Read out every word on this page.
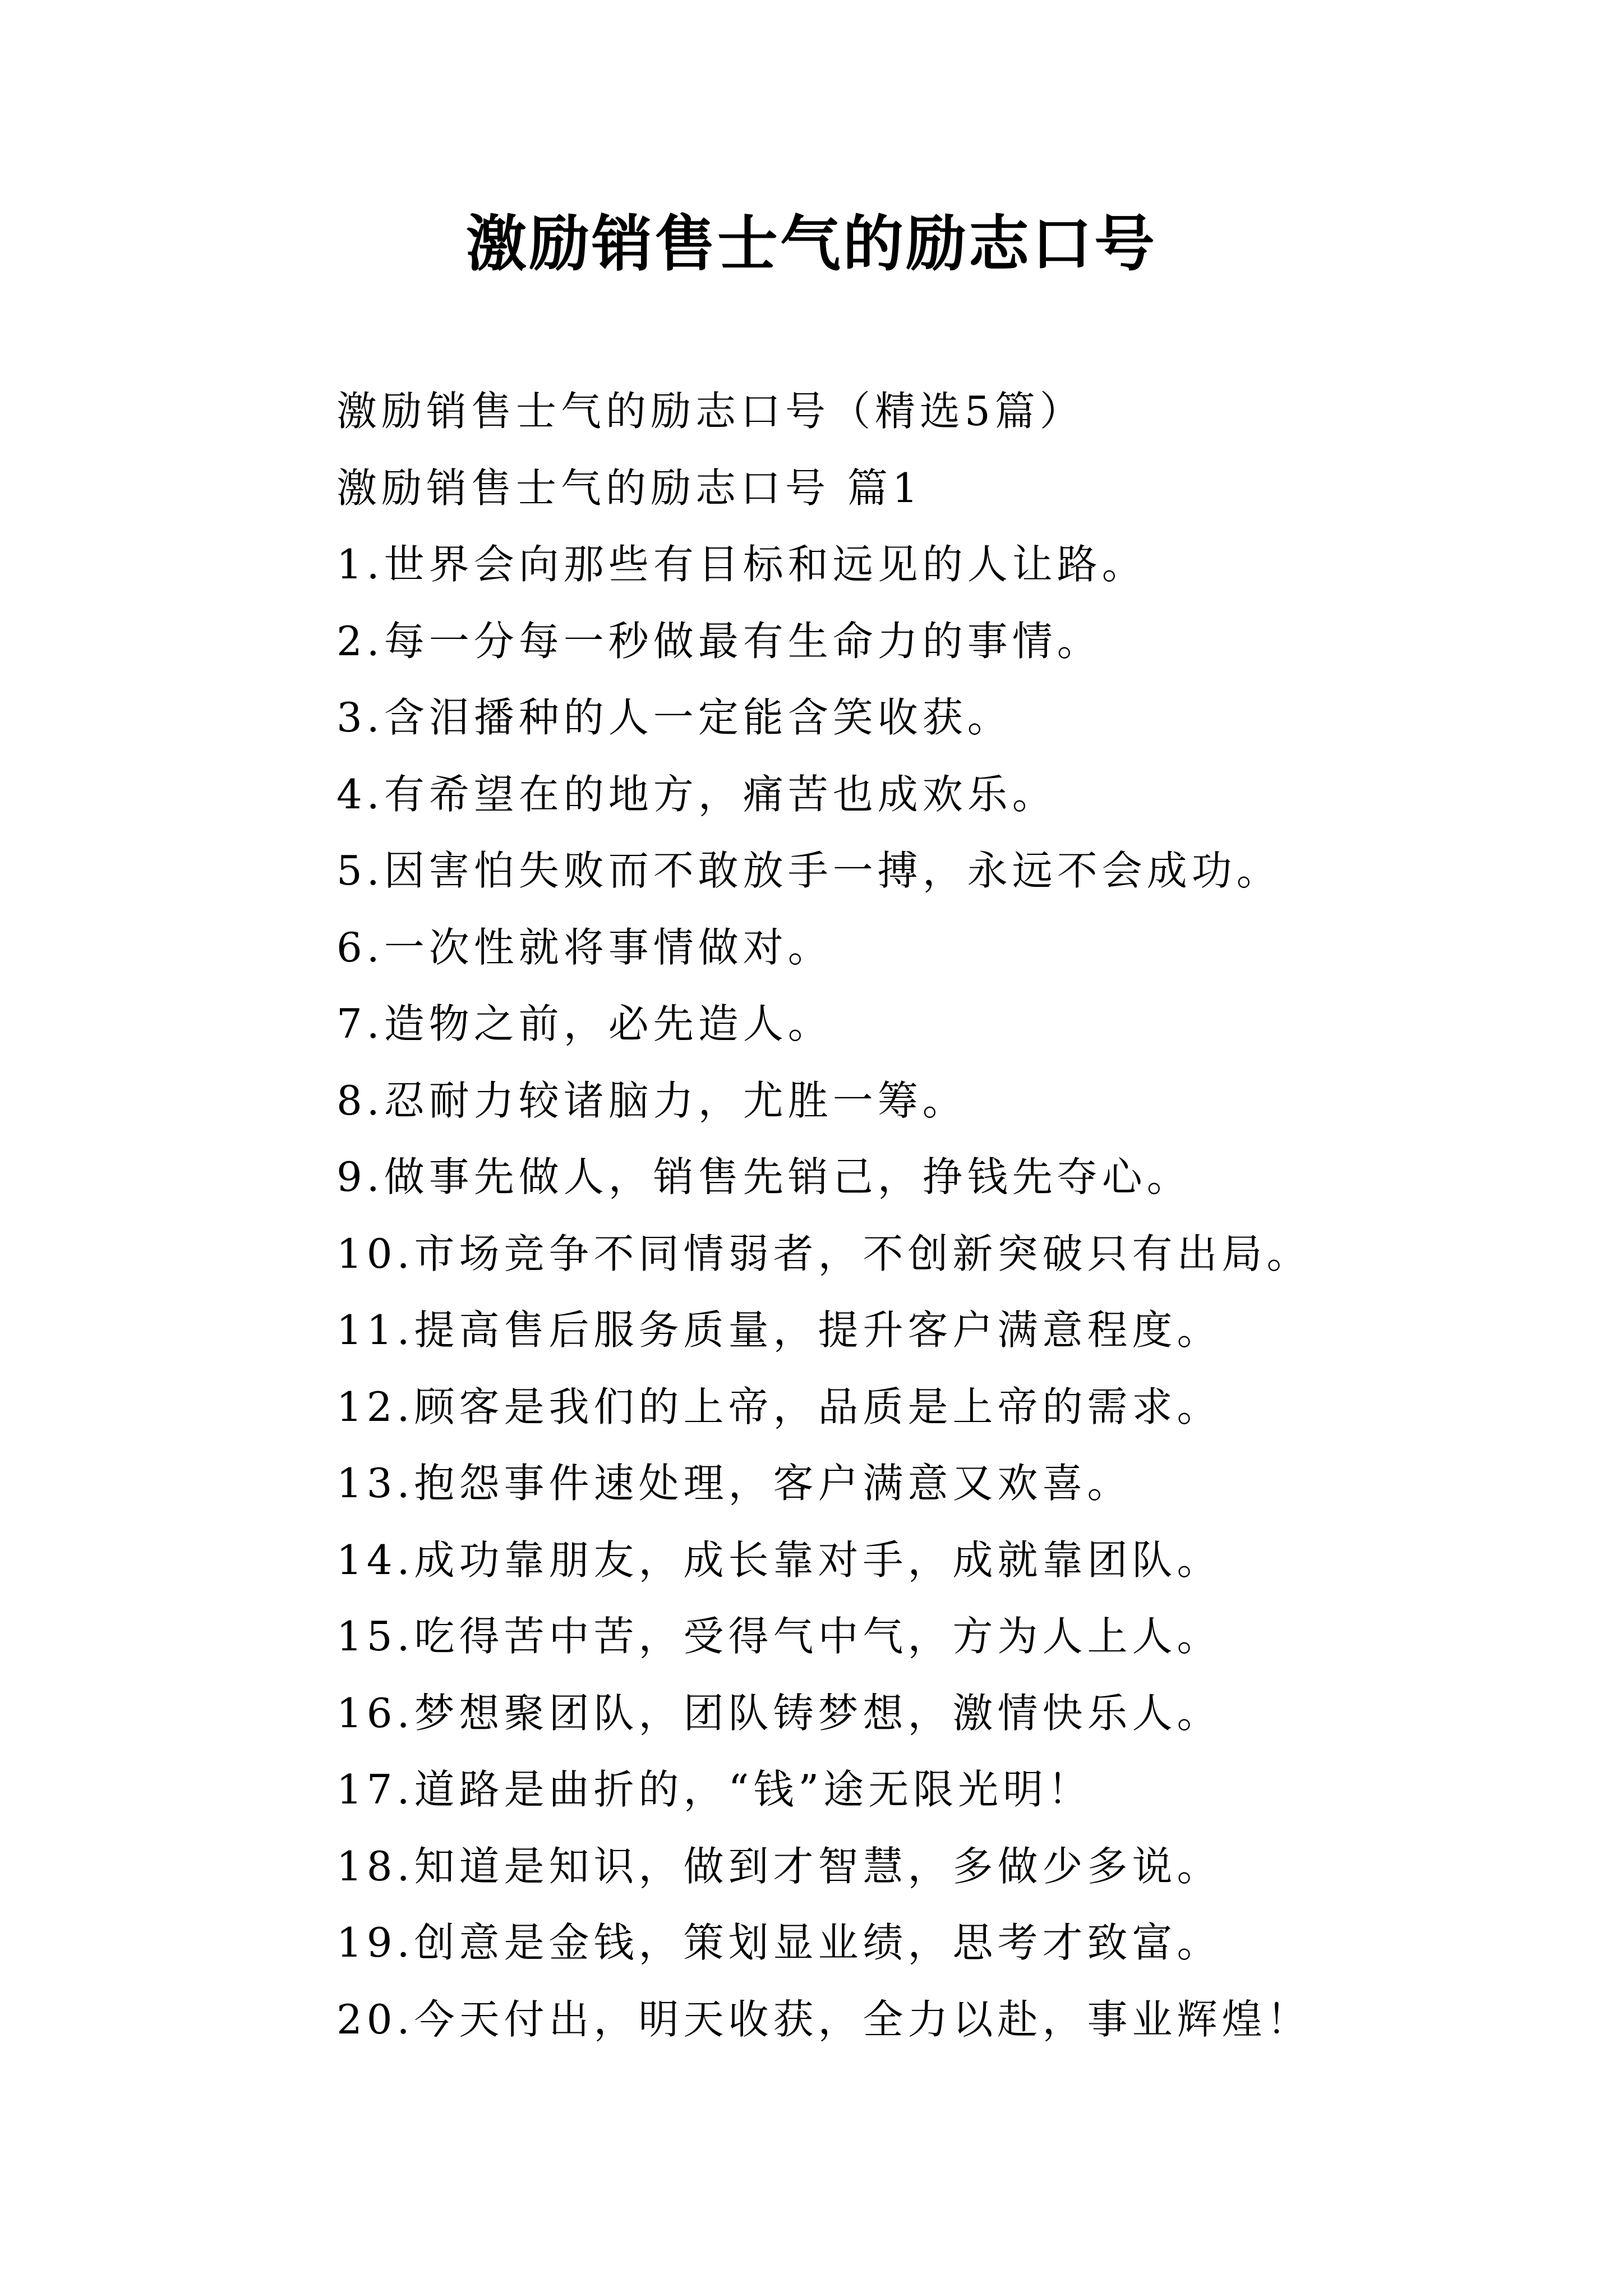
激励销售士气的励志口号
激励销售士气的励志口号（精选5篇）
激励销售士气的励志口号 篇1
1.世界会向那些有目标和远见的人让路。
2.每一分每一秒做最有生命力的事情。
3.含泪播种的人一定能含笑收获。
4.有希望在的地方，痛苦也成欢乐。
5.因害怕失败而不敢放手一搏，永远不会成功。
6.一次性就将事情做对。
7.造物之前，必先造人。
8.忍耐力较诸脑力，尤胜一筹。
9.做事先做人，销售先销己，挣钱先夺心。
10.市场竞争不同情弱者，不创新突破只有出局。
11.提高售后服务质量，提升客户满意程度。
12.顾客是我们的上帝，品质是上帝的需求。
13.抱怨事件速处理，客户满意又欢喜。
14.成功靠朋友，成长靠对手，成就靠团队。
15.吃得苦中苦，受得气中气，方为人上人。
16.梦想聚团队，团队铸梦想，激情快乐人。
17.道路是曲折的，“钱”途无限光明！
18.知道是知识，做到才智慧，多做少多说。
19.创意是金钱，策划显业绩，思考才致富。
20.今天付出，明天收获，全力以赴，事业辉煌！
